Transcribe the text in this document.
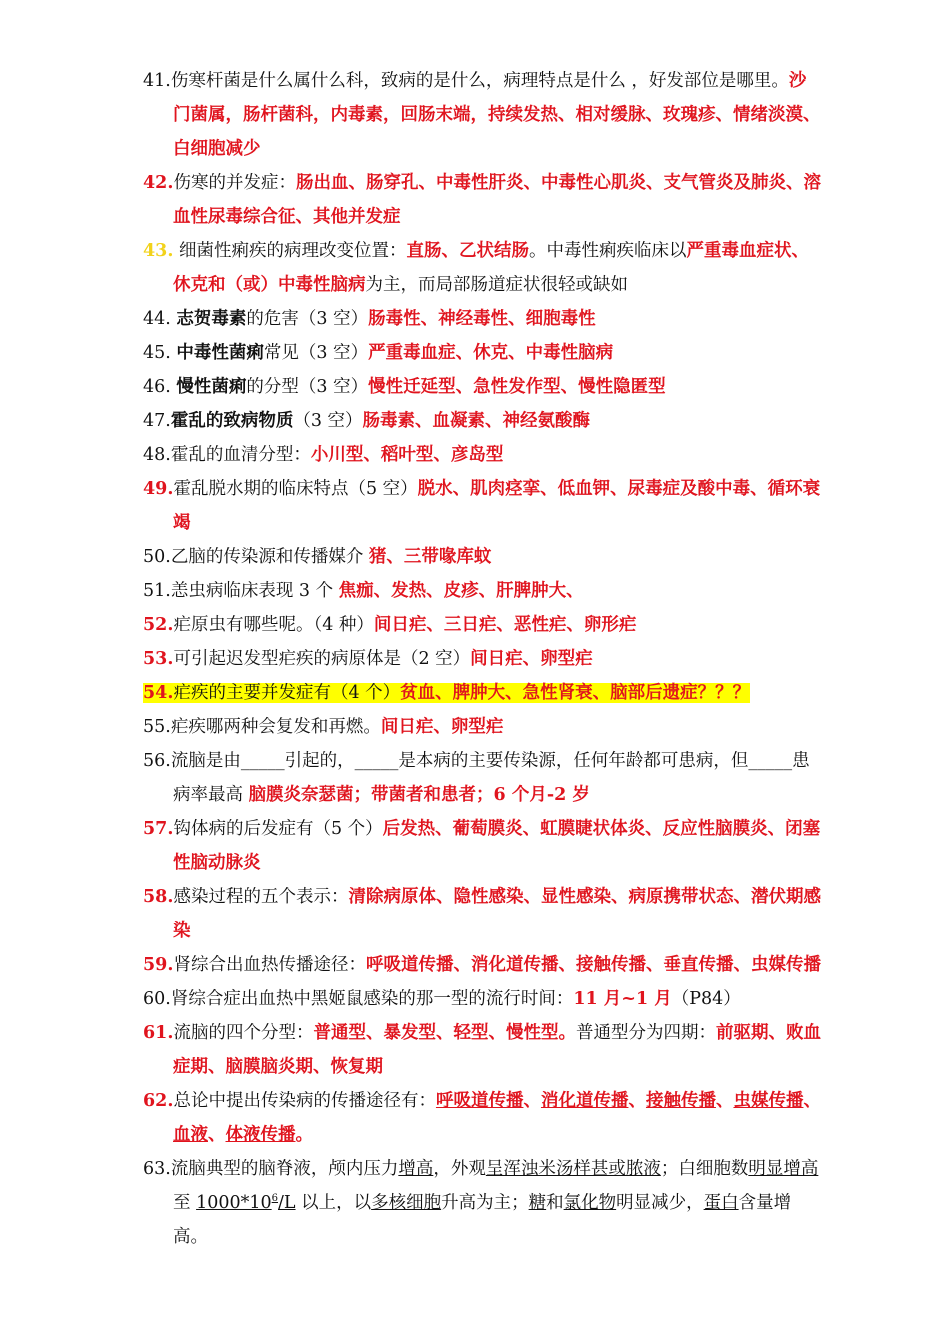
41.伤寒杆菌是什么属什么科，致病的是什么，病理特点是什么 ，好发部位是哪里。沙门菌属，肠杆菌科，内毒素，回肠末端，持续发热、相对缓脉、玫瑰疹、情绪淡漠、白细胞减少
42.伤寒的并发症：肠出血、肠穿孔、中毒性肝炎、中毒性心肌炎、支气管炎及肺炎、溶血性尿毒综合征、其他并发症
43. 细菌性痢疾的病理改变位置：直肠、乙状结肠。中毒性痢疾临床以严重毒血症状、休克和（或）中毒性脑病为主，而局部肠道症状很轻或缺如
44. 志贺毒素的危害（3 空）肠毒性、神经毒性、细胞毒性
45. 中毒性菌痢常见（3 空）严重毒血症、休克、中毒性脑病
46. 慢性菌痢的分型（3 空）慢性迁延型、急性发作型、慢性隐匿型
47.霍乱的致病物质（3 空）肠毒素、血凝素、神经氨酸酶
48.霍乱的血清分型：小川型、稻叶型、彦岛型
49.霍乱脱水期的临床特点（5 空）脱水、肌肉痉挛、低血钾、尿毒症及酸中毒、循环衰竭
50.乙脑的传染源和传播媒介 猪、三带喙库蚊
51.恙虫病临床表现 3 个 焦痂、发热、皮疹、肝脾肿大、
52.疟原虫有哪些呢。（4 种）间日疟、三日疟、恶性疟、卵形疟
53.可引起迟发型疟疾的病原体是（2 空）间日疟、卵型疟
54.疟疾的主要并发症有（4 个）贫血、脾肿大、急性肾衰、脑部后遗症？？？
55.疟疾哪两种会复发和再燃。间日疟、卵型疟
56.流脑是由_____引起的，_____是本病的主要传染源，任何年龄都可患病，但_____患病率最高 脑膜炎奈瑟菌；带菌者和患者；6 个月-2 岁
57.钩体病的后发症有（5 个）后发热、葡萄膜炎、虹膜睫状体炎、反应性脑膜炎、闭塞性脑动脉炎
58.感染过程的五个表示：清除病原体、隐性感染、显性感染、病原携带状态、潜伏期感染
59.肾综合出血热传播途径：呼吸道传播、消化道传播、接触传播、垂直传播、虫媒传播
60.肾综合症出血热中黑姬鼠感染的那一型的流行时间：11 月~1 月（P84）
61.流脑的四个分型：普通型、暴发型、轻型、慢性型。普通型分为四期：前驱期、败血症期、脑膜脑炎期、恢复期
62.总论中提出传染病的传播途径有：呼吸道传播、消化道传播、接触传播、虫媒传播、血液、体液传播。
63.流脑典型的脑脊液，颅内压力增高，外观呈浑浊米汤样甚或脓液；白细胞数明显增高至 $1000*10^6/L$ 以上，以多核细胞升高为主；糖和氯化物明显减少，蛋白含量增高。
